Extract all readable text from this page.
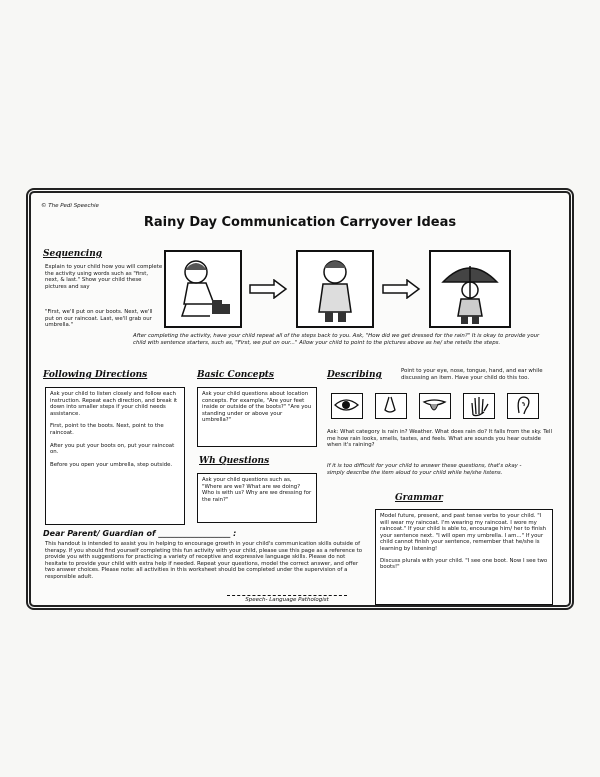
© The Pedi Speechie

Rainy Day Communication Carryover Ideas

Sequencing
Explain to your child how you will complete the activity using words such as "first, next, & last." Show your child these pictures and say
"First, we'll put on our boots. Next, we'll put on our raincoat. Last, we'll grab our umbrella."
After completing the activity, have your child repeat all of the steps back to you. Ask, "How did we get dressed for the rain?" It is okay to provide your child with sentence starters, such as, "First, we put on our..." Allow your child to point to the pictures above as he/ she retells the steps.
Following Directions
Ask your child to listen closely and follow each instruction. Repeat each direction, and break it down into smaller steps if your child needs assistance.
First, point to the boots. Next, point to the raincoat.
After you put your boots on, put your raincoat on.
Before you open your umbrella, step outside.
Basic Concepts
Ask your child questions about location concepts. For example, "Are your feet inside or outside of the boots?" "Are you standing under or above your umbrella?"
Wh Questions
Ask your child questions such as, "Where are we? What are we doing? Who is with us? Why are we dressing for the rain?"
Describing	Point to your eye, nose, tongue, hand, and ear while discussing an item. Have your child do this too.
Ask: What category is rain in? Weather. What does rain do? It falls from the sky. Tell me how rain looks, smells, tastes, and feels. What are sounds you hear outside when it's raining?
If it is too difficult for your child to answer these questions, that's okay - simply describe the item aloud to your child while he/she listens.
Grammar
Model future, present, and past tense verbs to your child. "I will wear my raincoat. I'm wearing my raincoat. I wore my raincoat." If your child is able to, encourage him/ her to finish your sentence next. "I will open my umbrella. I am..." If your child cannot finish your sentence, remember that he/she is learning by listening!
Discuss plurals with your child. "I see one boot. Now I see two boots!"
Dear Parent/ Guardian of __________________ :
This handout is intended to assist you in helping to encourage growth in your child's communication skills outside of therapy. If you should find yourself completing this fun activity with your child, please use this page as a reference to provide you with suggestions for practicing a variety of receptive and expressive language skills. Please do not hesitate to provide your child with extra help if needed. Repeat your questions, model the correct answer, and offer two answer choices. Please note: all activities in this worksheet should be completed under the supervision of a responsible adult.
Speech- Language Pathologist
